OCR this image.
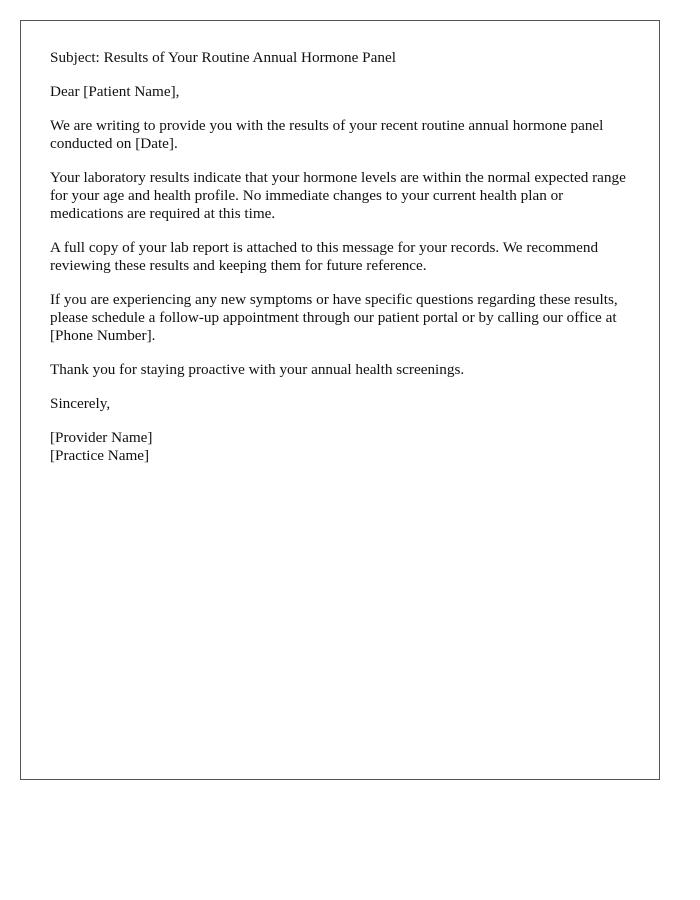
Subject: Results of Your Routine Annual Hormone Panel

Dear [Patient Name],

We are writing to provide you with the results of your recent routine annual hormone panel conducted on [Date].

Your laboratory results indicate that your hormone levels are within the normal expected range for your age and health profile. No immediate changes to your current health plan or medications are required at this time.

A full copy of your lab report is attached to this message for your records. We recommend reviewing these results and keeping them for future reference.

If you are experiencing any new symptoms or have specific questions regarding these results, please schedule a follow-up appointment through our patient portal or by calling our office at [Phone Number].

Thank you for staying proactive with your annual health screenings.

Sincerely,

[Provider Name]
[Practice Name]
